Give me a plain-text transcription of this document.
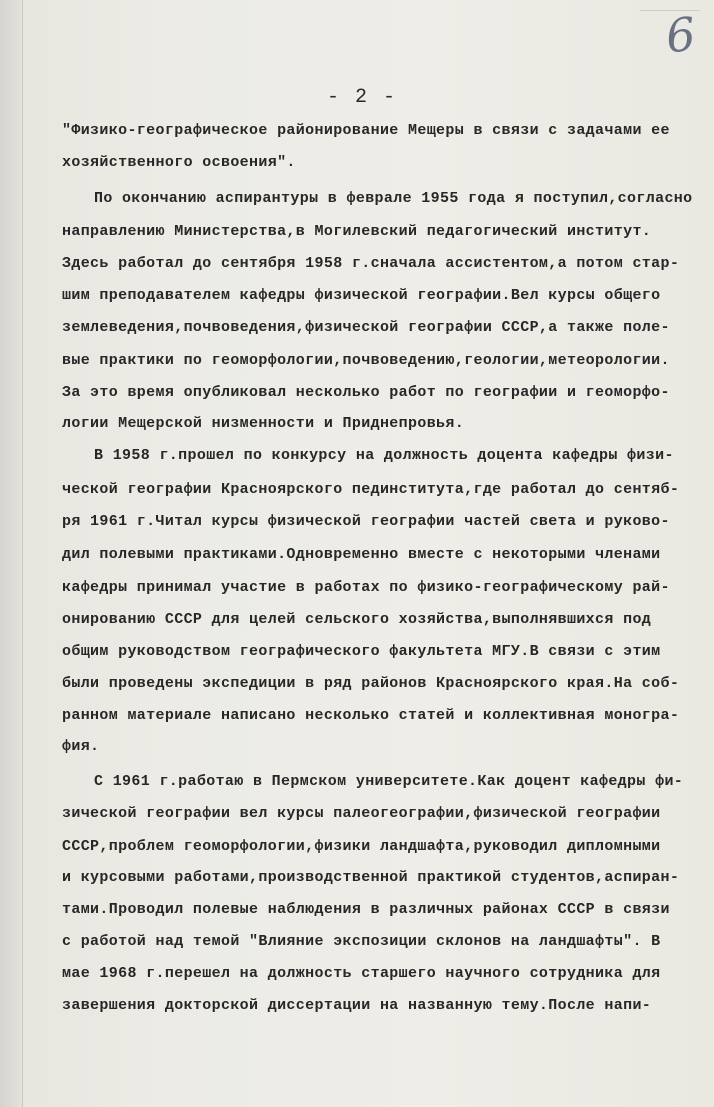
6
- 2 -
"Физико-географическое районирование Мещеры в связи с задачами ее
хозяйственного освоения".
По окончанию аспирантуры в феврале 1955 года я поступил,согласно
направлению Министерства,в Могилевский педагогический институт.
Здесь работал до сентября 1958 г.сначала ассистентом,а потом стар-
шим преподавателем кафедры физической географии.Вел курсы общего
землеведения,почвоведения,физической географии СССР,а также поле-
вые практики по геоморфологии,почвоведению,геологии,метеорологии.
За это время опубликовал несколько работ по географии и геоморфо-
логии Мещерской низменности и Приднепровья.
В 1958 г.прошел по конкурсу на должность доцента кафедры физи-
ческой географии Красноярского пединститута,где работал до сентяб-
ря 1961 г.Читал курсы физической географии частей света и руково-
дил полевыми практиками.Одновременно вместе с некоторыми членами
кафедры принимал участие в работах по физико-географическому рай-
онированию СССР для целей сельского хозяйства,выполнявшихся под
общим руководством географического факультета МГУ.В связи с этим
были проведены экспедиции в ряд районов Красноярского края.На соб-
ранном материале написано несколько статей и коллективная моногра-
фия.
С 1961 г.работаю в Пермском университете.Как доцент кафедры фи-
зической географии вел курсы палеогеографии,физической географии
СССР,проблем геоморфологии,физики ландшафта,руководил дипломными
и курсовыми работами,производственной практикой студентов,аспиран-
тами.Проводил полевые наблюдения в различных районах СССР в связи
с работой над темой "Влияние экспозиции склонов на ландшафты". В
мае 1968 г.перешел на должность старшего научного сотрудника для
завершения докторской диссертации на названную тему.После напи-
